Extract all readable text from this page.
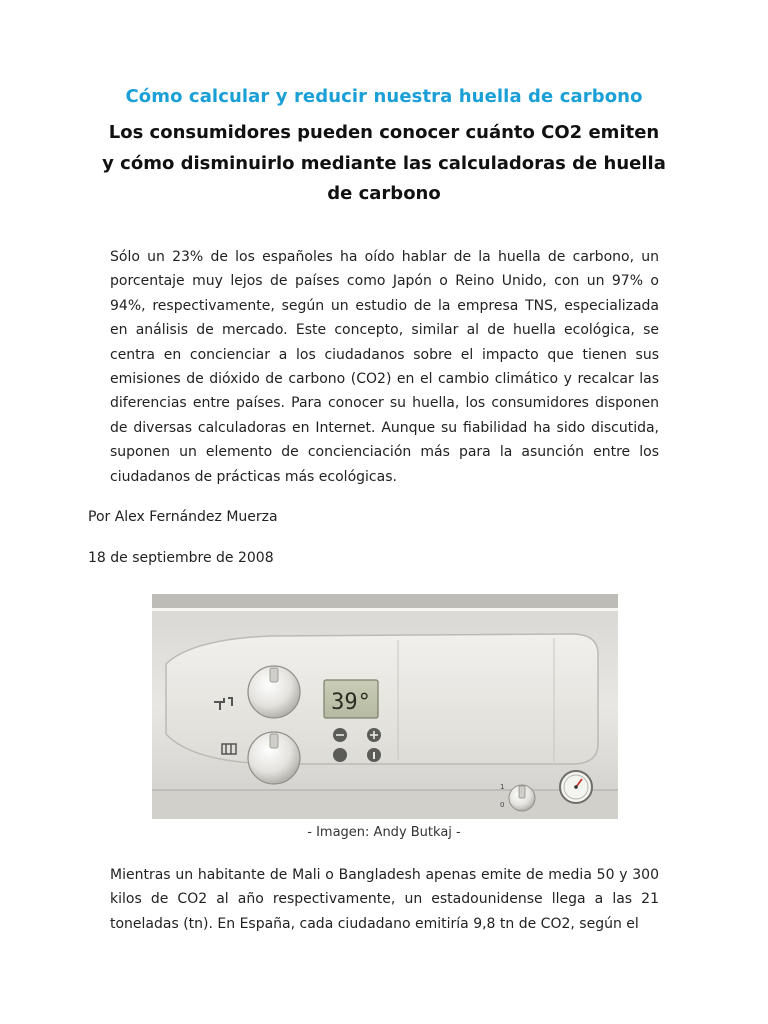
Cómo calcular y reducir nuestra huella de carbono
Los consumidores pueden conocer cuánto CO2 emiten y cómo disminuirlo mediante las calculadoras de huella de carbono
Sólo un 23% de los españoles ha oído hablar de la huella de carbono, un porcentaje muy lejos de países como Japón o Reino Unido, con un 97% o 94%, respectivamente, según un estudio de la empresa TNS, especializada en análisis de mercado. Este concepto, similar al de huella ecológica, se centra en concienciar a los ciudadanos sobre el impacto que tienen sus emisiones de dióxido de carbono (CO2) en el cambio climático y recalcar las diferencias entre países. Para conocer su huella, los consumidores disponen de diversas calculadoras en Internet. Aunque su fiabilidad ha sido discutida, suponen un elemento de concienciación más para la asunción entre los ciudadanos de prácticas más ecológicas.
Por Alex Fernández Muerza
18 de septiembre de 2008
39°
1
0
- Imagen: Andy Butkaj -
Mientras un habitante de Mali o Bangladesh apenas emite de media 50 y 300 kilos de CO2 al año respectivamente, un estadounidense llega a las 21 toneladas (tn). En España, cada ciudadano emitiría 9,8 tn de CO2, según el
